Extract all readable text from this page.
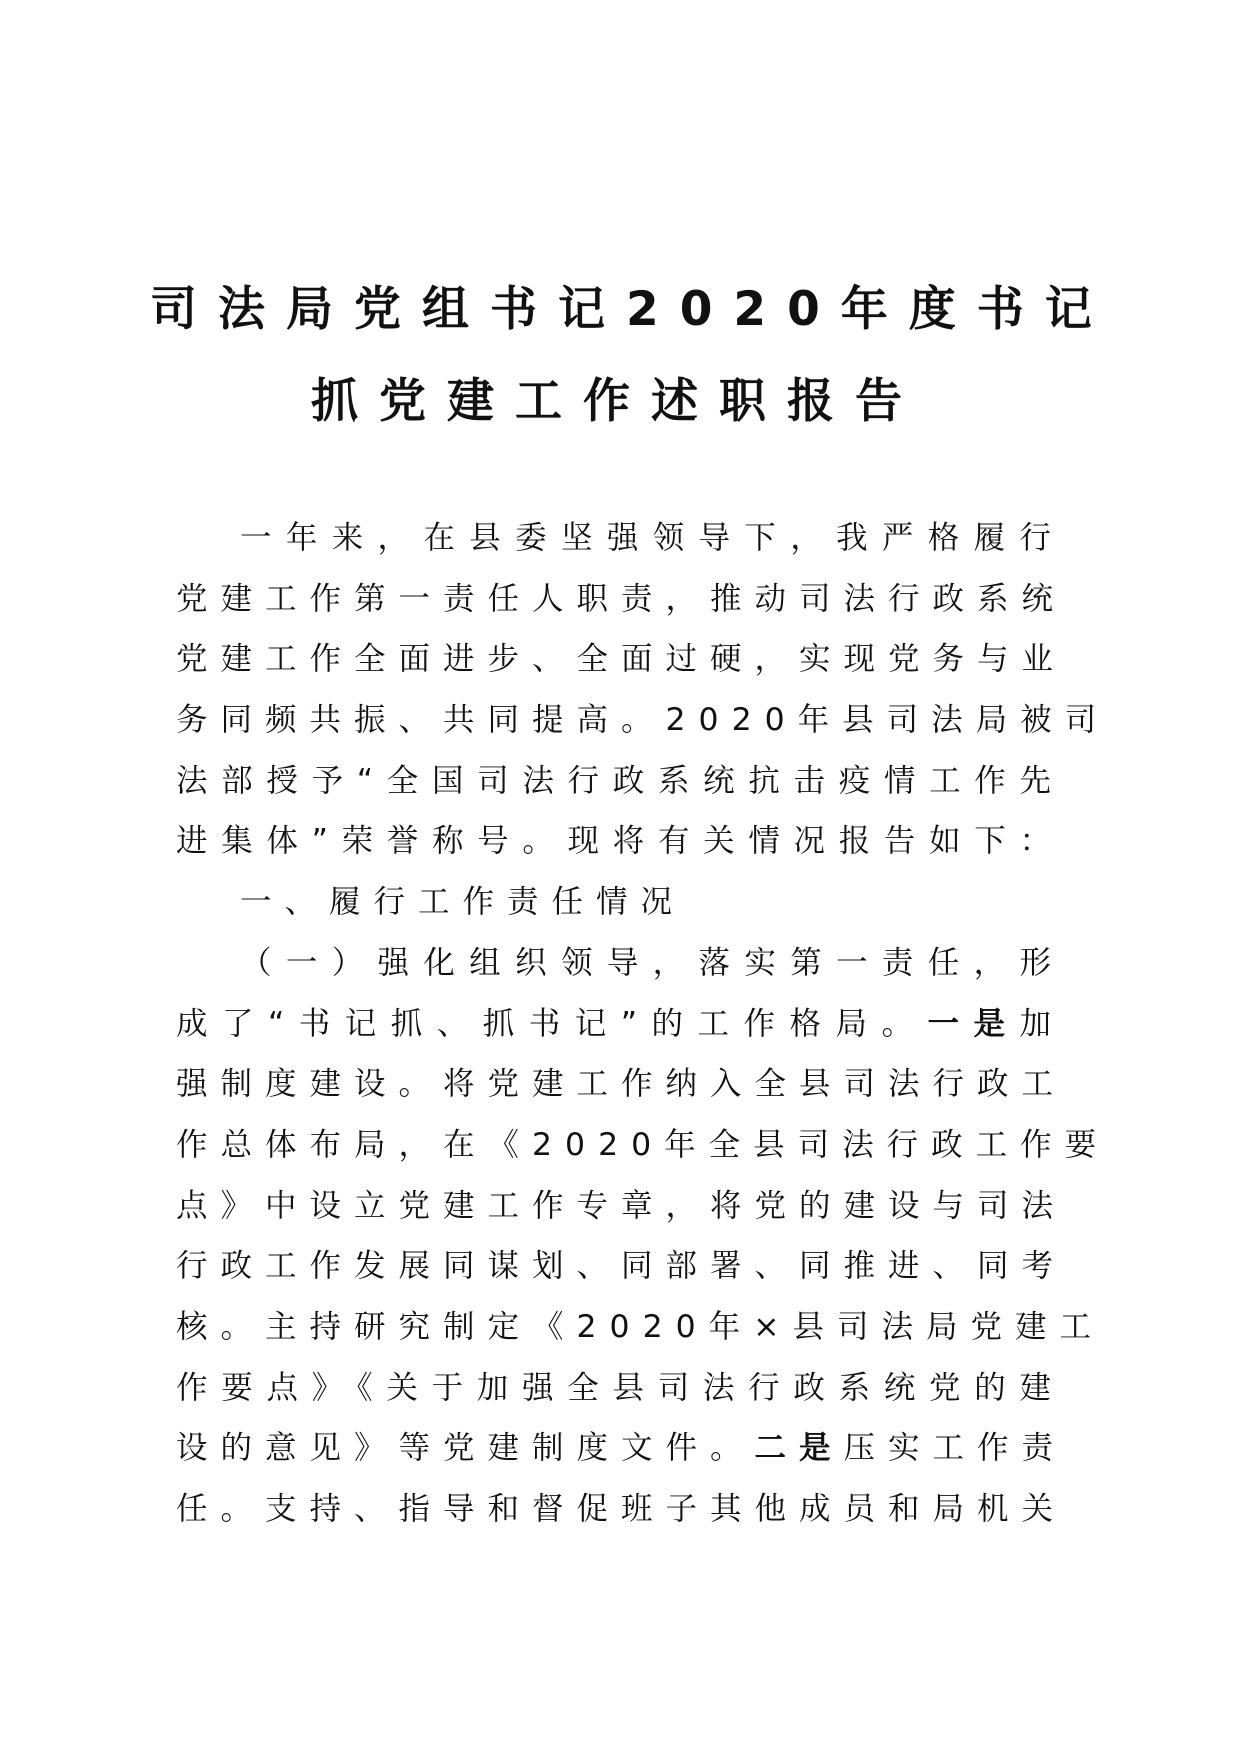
司法局党组书记2020年度书记
抓党建工作述职报告
一年来，在县委坚强领导下，我严格履行
党建工作第一责任人职责，推动司法行政系统
党建工作全面进步、全面过硬，实现党务与业
务同频共振、共同提高。2020年县司法局被司
法部授予“全国司法行政系统抗击疫情工作先
进集体”荣誉称号。现将有关情况报告如下：
一、履行工作责任情况
（一）强化组织领导，落实第一责任，形
成了“书记抓、抓书记”的工作格局。一是加
强制度建设。将党建工作纳入全县司法行政工
作总体布局，在《2020年全县司法行政工作要
点》中设立党建工作专章，将党的建设与司法
行政工作发展同谋划、同部署、同推进、同考
核。主持研究制定《2020年×县司法局党建工
作要点》《关于加强全县司法行政系统党的建
设的意见》等党建制度文件。二是压实工作责
任。支持、指导和督促班子其他成员和局机关
